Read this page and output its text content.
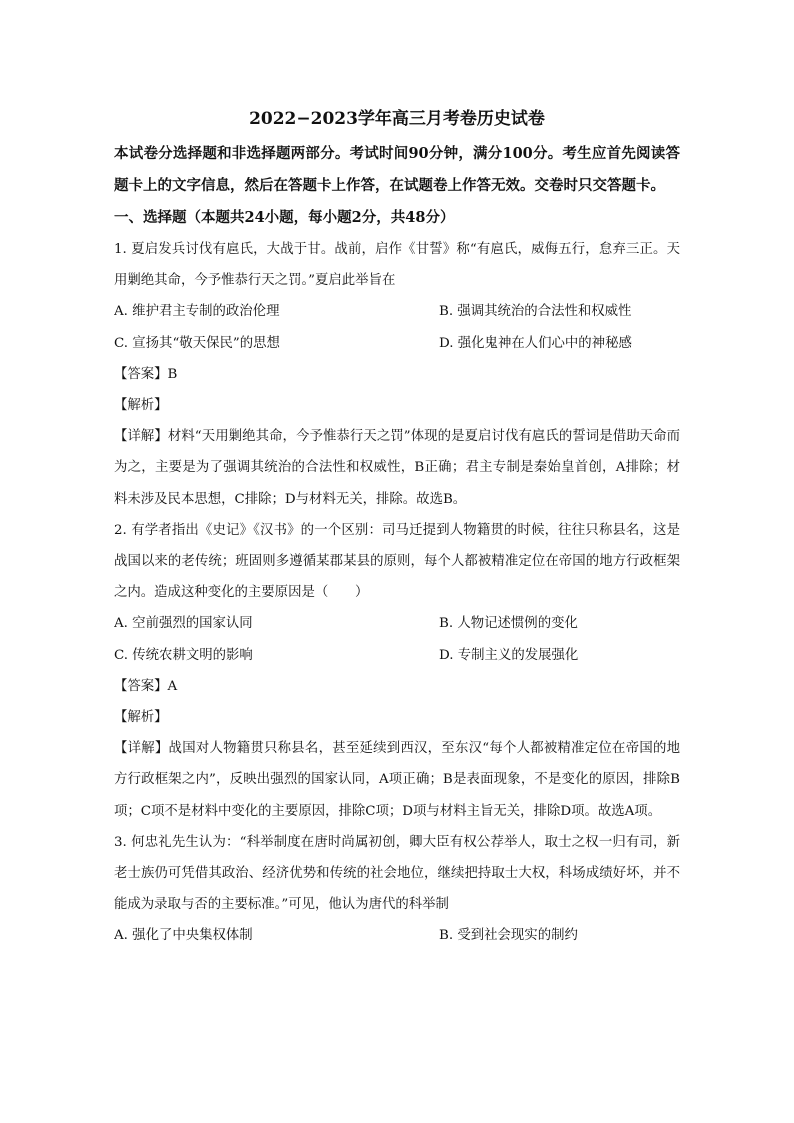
2022−2023学年高三月考卷历史试卷

本试卷分选择题和非选择题两部分。考试时间90分钟，满分100分。考生应首先阅读答题卡上的文字信息，然后在答题卡上作答，在试题卷上作答无效。交卷时只交答题卡。

一、选择题（本题共24小题，每小题2分，共48分）

1. 夏启发兵讨伐有扈氏，大战于甘。战前，启作《甘誓》称“有扈氏，威侮五行，怠弃三正。天用剿绝其命，今予惟恭行天之罚。”夏启此举旨在

A. 维护君主专制的政治伦理	B. 强调其统治的合法性和权威性
C. 宣扬其“敬天保民”的思想	D. 强化鬼神在人们心中的神秘感

【答案】B

【解析】

【详解】材料“天用剿绝其命，今予惟恭行天之罚”体现的是夏启讨伐有扈氏的誓词是借助天命而为之，主要是为了强调其统治的合法性和权威性，B正确；君主专制是秦始皇首创，A排除；材料未涉及民本思想，C排除；D与材料无关，排除。故选B。

2. 有学者指出《史记》《汉书》的一个区别：司马迁提到人物籍贯的时候，往往只称县名，这是战国以来的老传统；班固则多遵循某郡某县的原则，每个人都被精准定位在帝国的地方行政框架之内。造成这种变化的主要原因是（　　）

A. 空前强烈的国家认同	B. 人物记述惯例的变化
C. 传统农耕文明的影响	D. 专制主义的发展强化

【答案】A

【解析】

【详解】战国对人物籍贯只称县名，甚至延续到西汉，至东汉“每个人都被精准定位在帝国的地方行政框架之内”，反映出强烈的国家认同，A项正确；B是表面现象，不是变化的原因，排除B项；C项不是材料中变化的主要原因，排除C项；D项与材料主旨无关，排除D项。故选A项。

3. 何忠礼先生认为：“科举制度在唐时尚属初创，卿大臣有权公荐举人，取士之权一归有司，新老士族仍可凭借其政治、经济优势和传统的社会地位，继续把持取士大权，科场成绩好坏，并不能成为录取与否的主要标准。”可见，他认为唐代的科举制

A. 强化了中央集权体制	B. 受到社会现实的制约
